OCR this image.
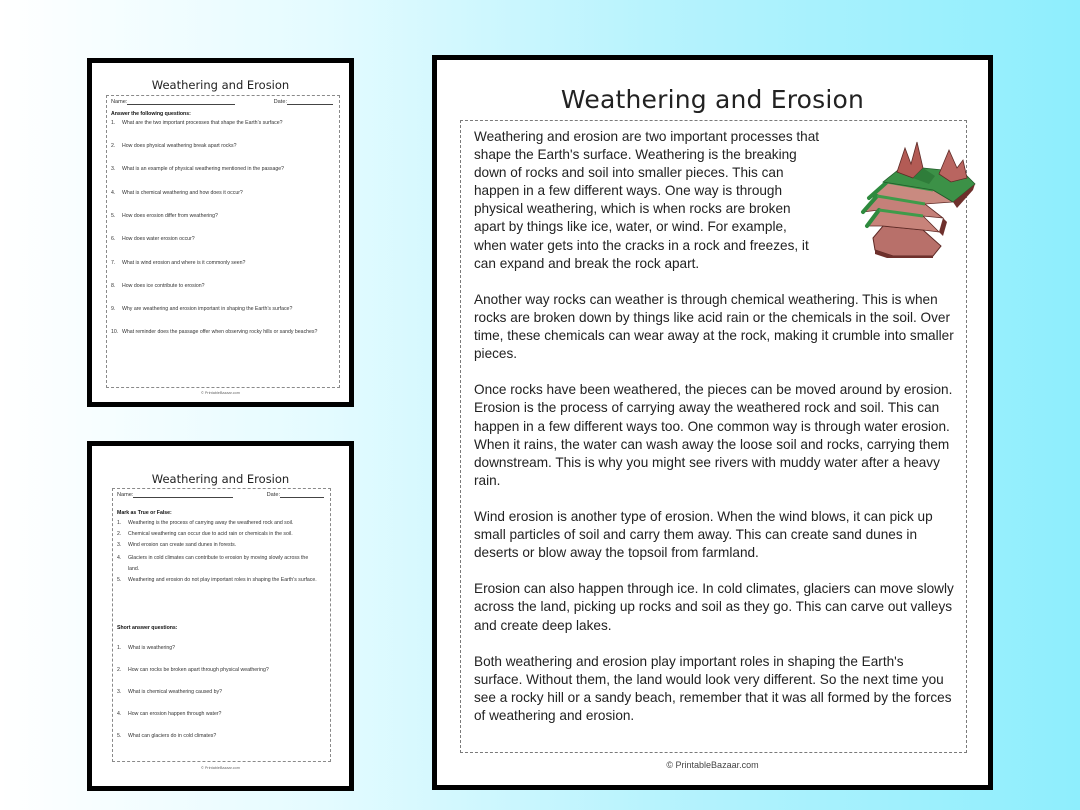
Weathering and Erosion
Name:	Date:
Answer the following questions:
1.	What are the two important processes that shape the Earth’s surface?
2.	How does physical weathering break apart rocks?
3.	What is an example of physical weathering mentioned in the passage?
4.	What is chemical weathering and how does it occur?
5.	How does erosion differ from weathering?
6.	How does water erosion occur?
7.	What is wind erosion and where is it commonly seen?
8.	How does ice contribute to erosion?
9.	Why are weathering and erosion important in shaping the Earth’s surface?
10. What reminder does the passage offer when observing rocky hills or sandy beaches?
© PrintableBazaar.com
Weathering and Erosion
Name:	Date:
Mark as True or False:
1.	Weathering is the process of carrying away the weathered rock and soil.
2.	Chemical weathering can occur due to acid rain or chemicals in the soil.
3.	Wind erosion can create sand dunes in forests.
4.	Glaciers in cold climates can contribute to erosion by moving slowly across the land.
5.	Weathering and erosion do not play important roles in shaping the Earth’s surface.
Short answer questions:
1.	What is weathering?
2.	How can rocks be broken apart through physical weathering?
3.	What is chemical weathering caused by?
4.	How can erosion happen through water?
5.	What can glaciers do in cold climates?
© PrintableBazaar.com
Weathering and Erosion

Weathering and erosion are two important processes that shape the Earth's surface. Weathering is the breaking down of rocks and soil into smaller pieces. This can happen in a few different ways. One way is through physical weathering, which is when rocks are broken apart by things like ice, water, or wind. For example, when water gets into the cracks in a rock and freezes, it can expand and break the rock apart.

Another way rocks can weather is through chemical weathering. This is when rocks are broken down by things like acid rain or the chemicals in the soil. Over time, these chemicals can wear away at the rock, making it crumble into smaller pieces.

Once rocks have been weathered, the pieces can be moved around by erosion. Erosion is the process of carrying away the weathered rock and soil. This can happen in a few different ways too. One common way is through water erosion. When it rains, the water can wash away the loose soil and rocks, carrying them downstream. This is why you might see rivers with muddy water after a heavy rain.

Wind erosion is another type of erosion. When the wind blows, it can pick up small particles of soil and carry them away. This can create sand dunes in deserts or blow away the topsoil from farmland.

Erosion can also happen through ice. In cold climates, glaciers can move slowly across the land, picking up rocks and soil as they go. This can carve out valleys and create deep lakes.

Both weathering and erosion play important roles in shaping the Earth's surface. Without them, the land would look very different. So the next time you see a rocky hill or a sandy beach, remember that it was all formed by the forces of weathering and erosion.

© PrintableBazaar.com
